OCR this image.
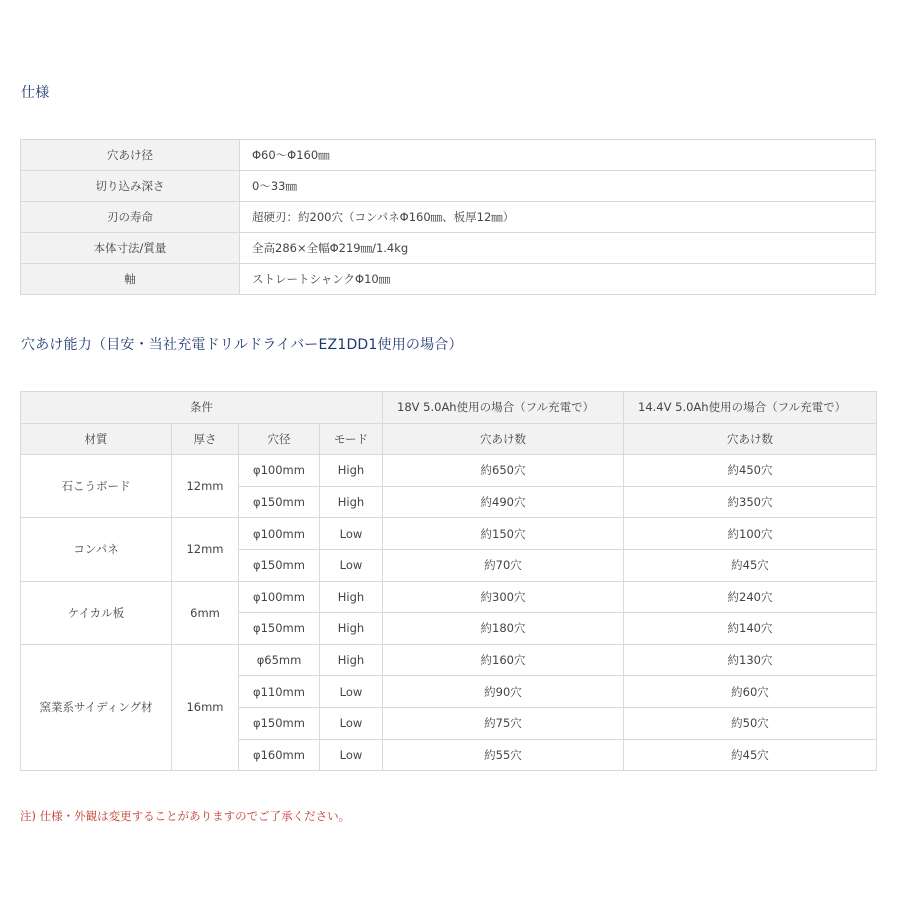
仕様
穴あけ径	Φ60〜Φ160㎜
切り込み深さ	0〜33㎜
刃の寿命	超硬刃：約200穴（コンパネΦ160㎜、板厚12㎜）
本体寸法/質量	全高286×全幅Φ219㎜/1.4kg
軸	ストレートシャンクΦ10㎜
穴あけ能力（目安・当社充電ドリルドライバーEZ1DD1使用の場合）
条件				18V 5.0Ah使用の場合（フル充電で）	14.4V 5.0Ah使用の場合（フル充電で）
材質	厚さ	穴径	モード	穴あけ数	穴あけ数
石こうボード	12mm	φ100mm	High	約650穴	約450穴
		φ150mm	High	約490穴	約350穴
コンパネ	12mm	φ100mm	Low	約150穴	約100穴
		φ150mm	Low	約70穴	約45穴
ケイカル板	6mm	φ100mm	High	約300穴	約240穴
		φ150mm	High	約180穴	約140穴
窯業系サイディング材	16mm	φ65mm	High	約160穴	約130穴
		φ110mm	Low	約90穴	約60穴
		φ150mm	Low	約75穴	約50穴
		φ160mm	Low	約55穴	約45穴

注) 仕様・外観は変更することがありますのでご了承ください。
